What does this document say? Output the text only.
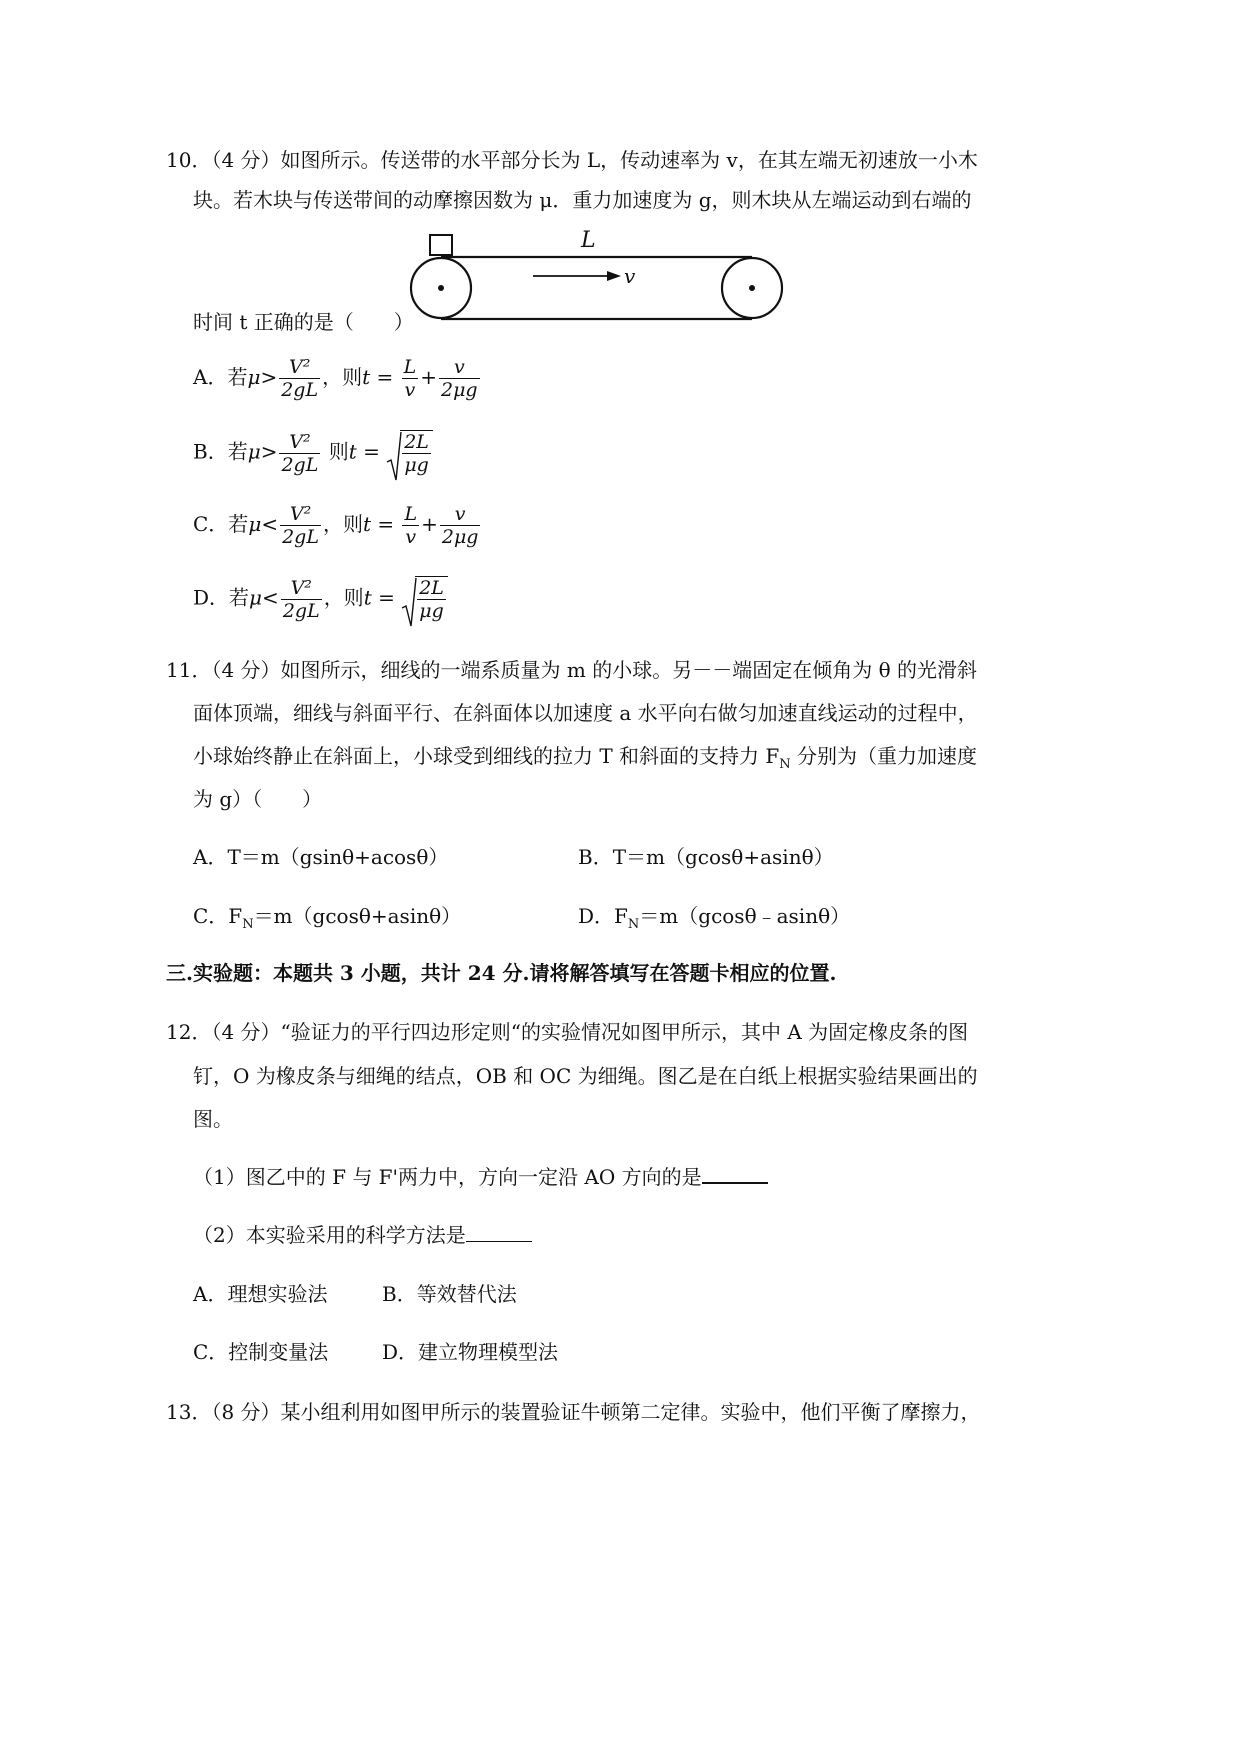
10．（4 分）如图所示。传送带的水平部分长为 L，传动速率为 v，在其左端无初速放一小木
块。若木块与传送带间的动摩擦因数为 μ．重力加速度为 g，则木块从左端运动到右端的
L
v
时间 t 正确的是（　　）
A．若$\mu> \frac{\text{V²}}{2gL}$ ，则$t = \frac{L}{v} + \frac{v}{2\mu g}$
B．若$\mu> \frac{\text{V²}}{2gL}$ 则$t = \frac{2L}{\mu g}$
C．若$\mu< \frac{\text{V²}}{2gL}$ ，则$t = \frac{L}{v} + \frac{v}{2\mu g}$
D．若$\mu< \frac{\text{V²}}{2gL}$ ，则$t = \frac{2L}{\mu g}$
11．（4 分）如图所示，细线的一端系质量为 m 的小球。另－－端固定在倾角为 θ 的光滑斜
面体顶端，细线与斜面平行、在斜面体以加速度 a 水平向右做匀加速直线运动的过程中，
小球始终静止在斜面上，小球受到细线的拉力 T 和斜面的支持力 $F_N$ 分别为（重力加速度
为 g）（　　）
A．T＝m（gsinθ+acosθ）	B．T＝m（gcosθ+asinθ）
C．$F_N=m(gcos\theta+asin\theta)$	D．$F_N=m(gcos\theta﹣asin\theta)$
三.实验题：本题共 3 小题，共计 24 分.请将解答填写在答题卡相应的位置.
12．（4 分）“验证力的平行四边形定则“的实验情况如图甲所示，其中 A 为固定橡皮条的图
钉，O 为橡皮条与细绳的结点，OB 和 OC 为细绳。图乙是在白纸上根据实验结果画出的
图。
（1）图乙中的 F 与 F'两力中，方向一定沿 AO 方向的是
（2）本实验采用的科学方法是
A．理想实验法	B．等效替代法
C．控制变量法	D．建立物理模型法
13．（8 分）某小组利用如图甲所示的装置验证牛顿第二定律。实验中，他们平衡了摩擦力，
